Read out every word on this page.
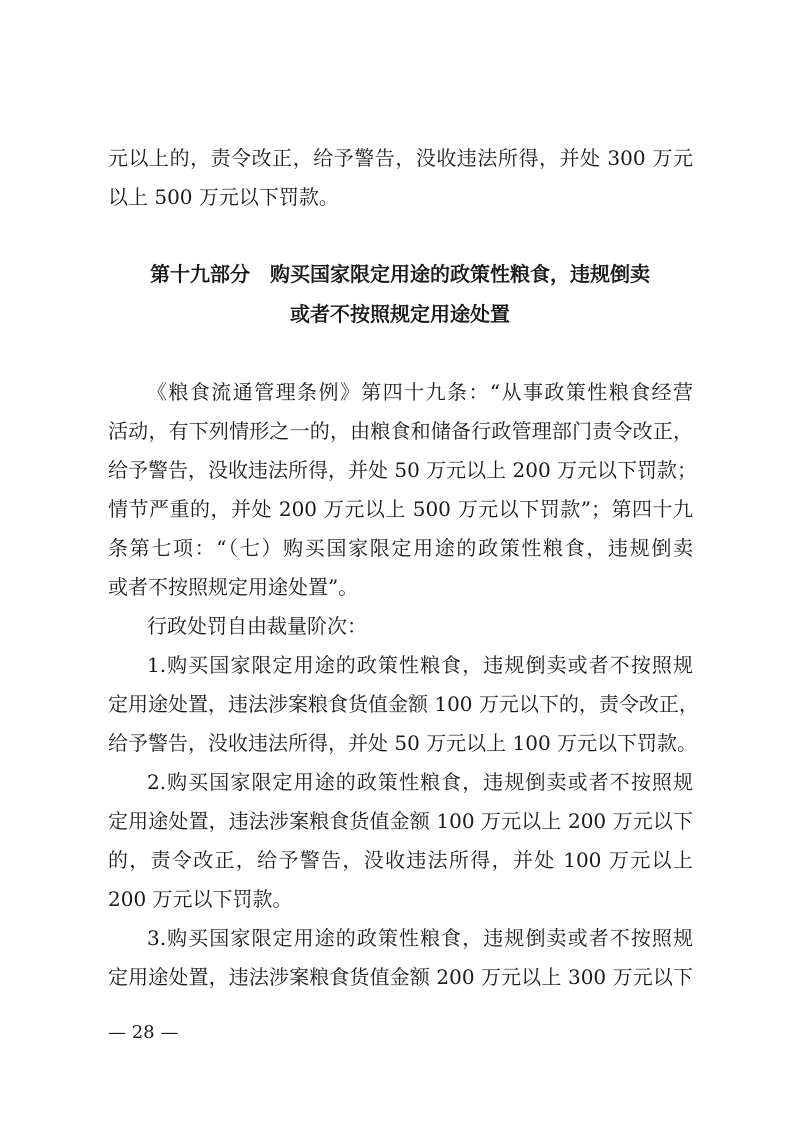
元以上的，责令改正，给予警告，没收违法所得，并处 300 万元
以上 500 万元以下罚款。
第十九部分　购买国家限定用途的政策性粮食，违规倒卖
或者不按照规定用途处置
《粮食流通管理条例》第四十九条：“从事政策性粮食经营
活动，有下列情形之一的，由粮食和储备行政管理部门责令改正，
给予警告，没收违法所得，并处 50 万元以上 200 万元以下罚款；
情节严重的，并处 200 万元以上 500 万元以下罚款”；第四十九
条第七项：“（七）购买国家限定用途的政策性粮食，违规倒卖
或者不按照规定用途处置”。
行政处罚自由裁量阶次：
1.购买国家限定用途的政策性粮食，违规倒卖或者不按照规
定用途处置，违法涉案粮食货值金额 100 万元以下的，责令改正，
给予警告，没收违法所得，并处 50 万元以上 100 万元以下罚款。
2.购买国家限定用途的政策性粮食，违规倒卖或者不按照规
定用途处置，违法涉案粮食货值金额 100 万元以上 200 万元以下
的，责令改正，给予警告，没收违法所得，并处 100 万元以上
200 万元以下罚款。
3.购买国家限定用途的政策性粮食，违规倒卖或者不按照规
定用途处置，违法涉案粮食货值金额 200 万元以上 300 万元以下
— 28 —
